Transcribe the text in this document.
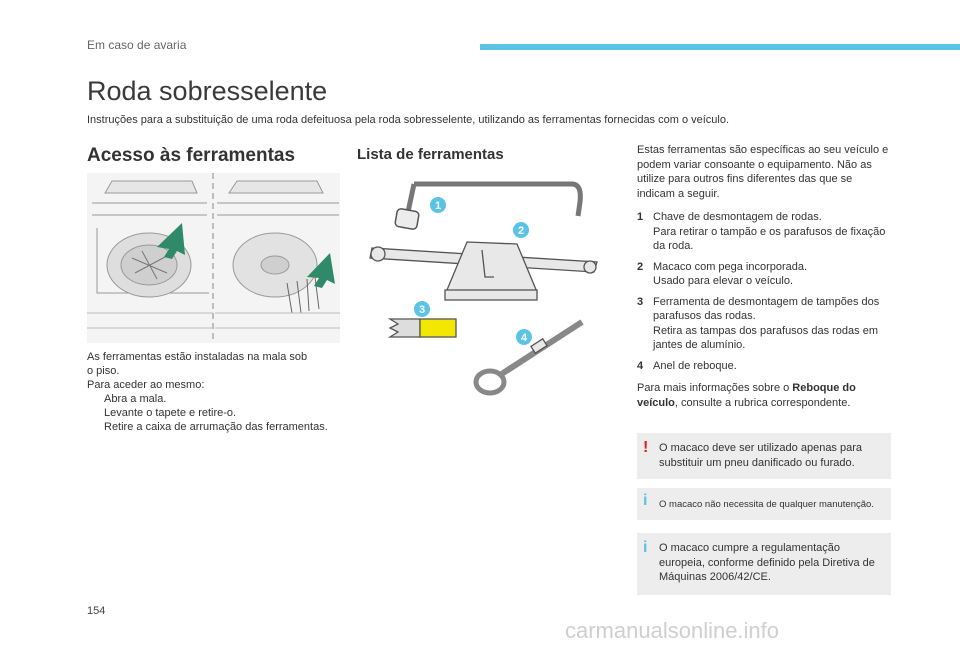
Em caso de avaria
Roda sobresselente
Instruções para a substituição de uma roda defeituosa pela roda sobresselente, utilizando as ferramentas fornecidas com o veículo.
Acesso às ferramentas	Lista de ferramentas
As ferramentas estão instaladas na mala sob
o piso.
Para aceder ao mesmo:
Abra a mala.
Levante o tapete e retire-o.
Retire a caixa de arrumação das ferramentas.
1
2
3
4

Estas ferramentas são específicas ao seu veículo e podem variar consoante o equipamento. Não as utilize para outros fins diferentes das que se indicam a seguir.

1 Chave de desmontagem de rodas.
Para retirar o tampão e os parafusos de fixação da roda.
2 Macaco com pega incorporada.
Usado para elevar o veículo.
3 Ferramenta de desmontagem de tampões dos parafusos das rodas.
Retira as tampas dos parafusos das rodas em jantes de alumínio.
4 Anel de reboque.

Para mais informações sobre o Reboque do veículo, consulte a rubrica correspondente.

! O macaco deve ser utilizado apenas para substituir um pneu danificado ou furado.
i O macaco não necessita de qualquer manutenção.
i O macaco cumpre a regulamentação europeia, conforme definido pela Diretiva de Máquinas 2006/42/CE.
154
carmanualsonline.info
